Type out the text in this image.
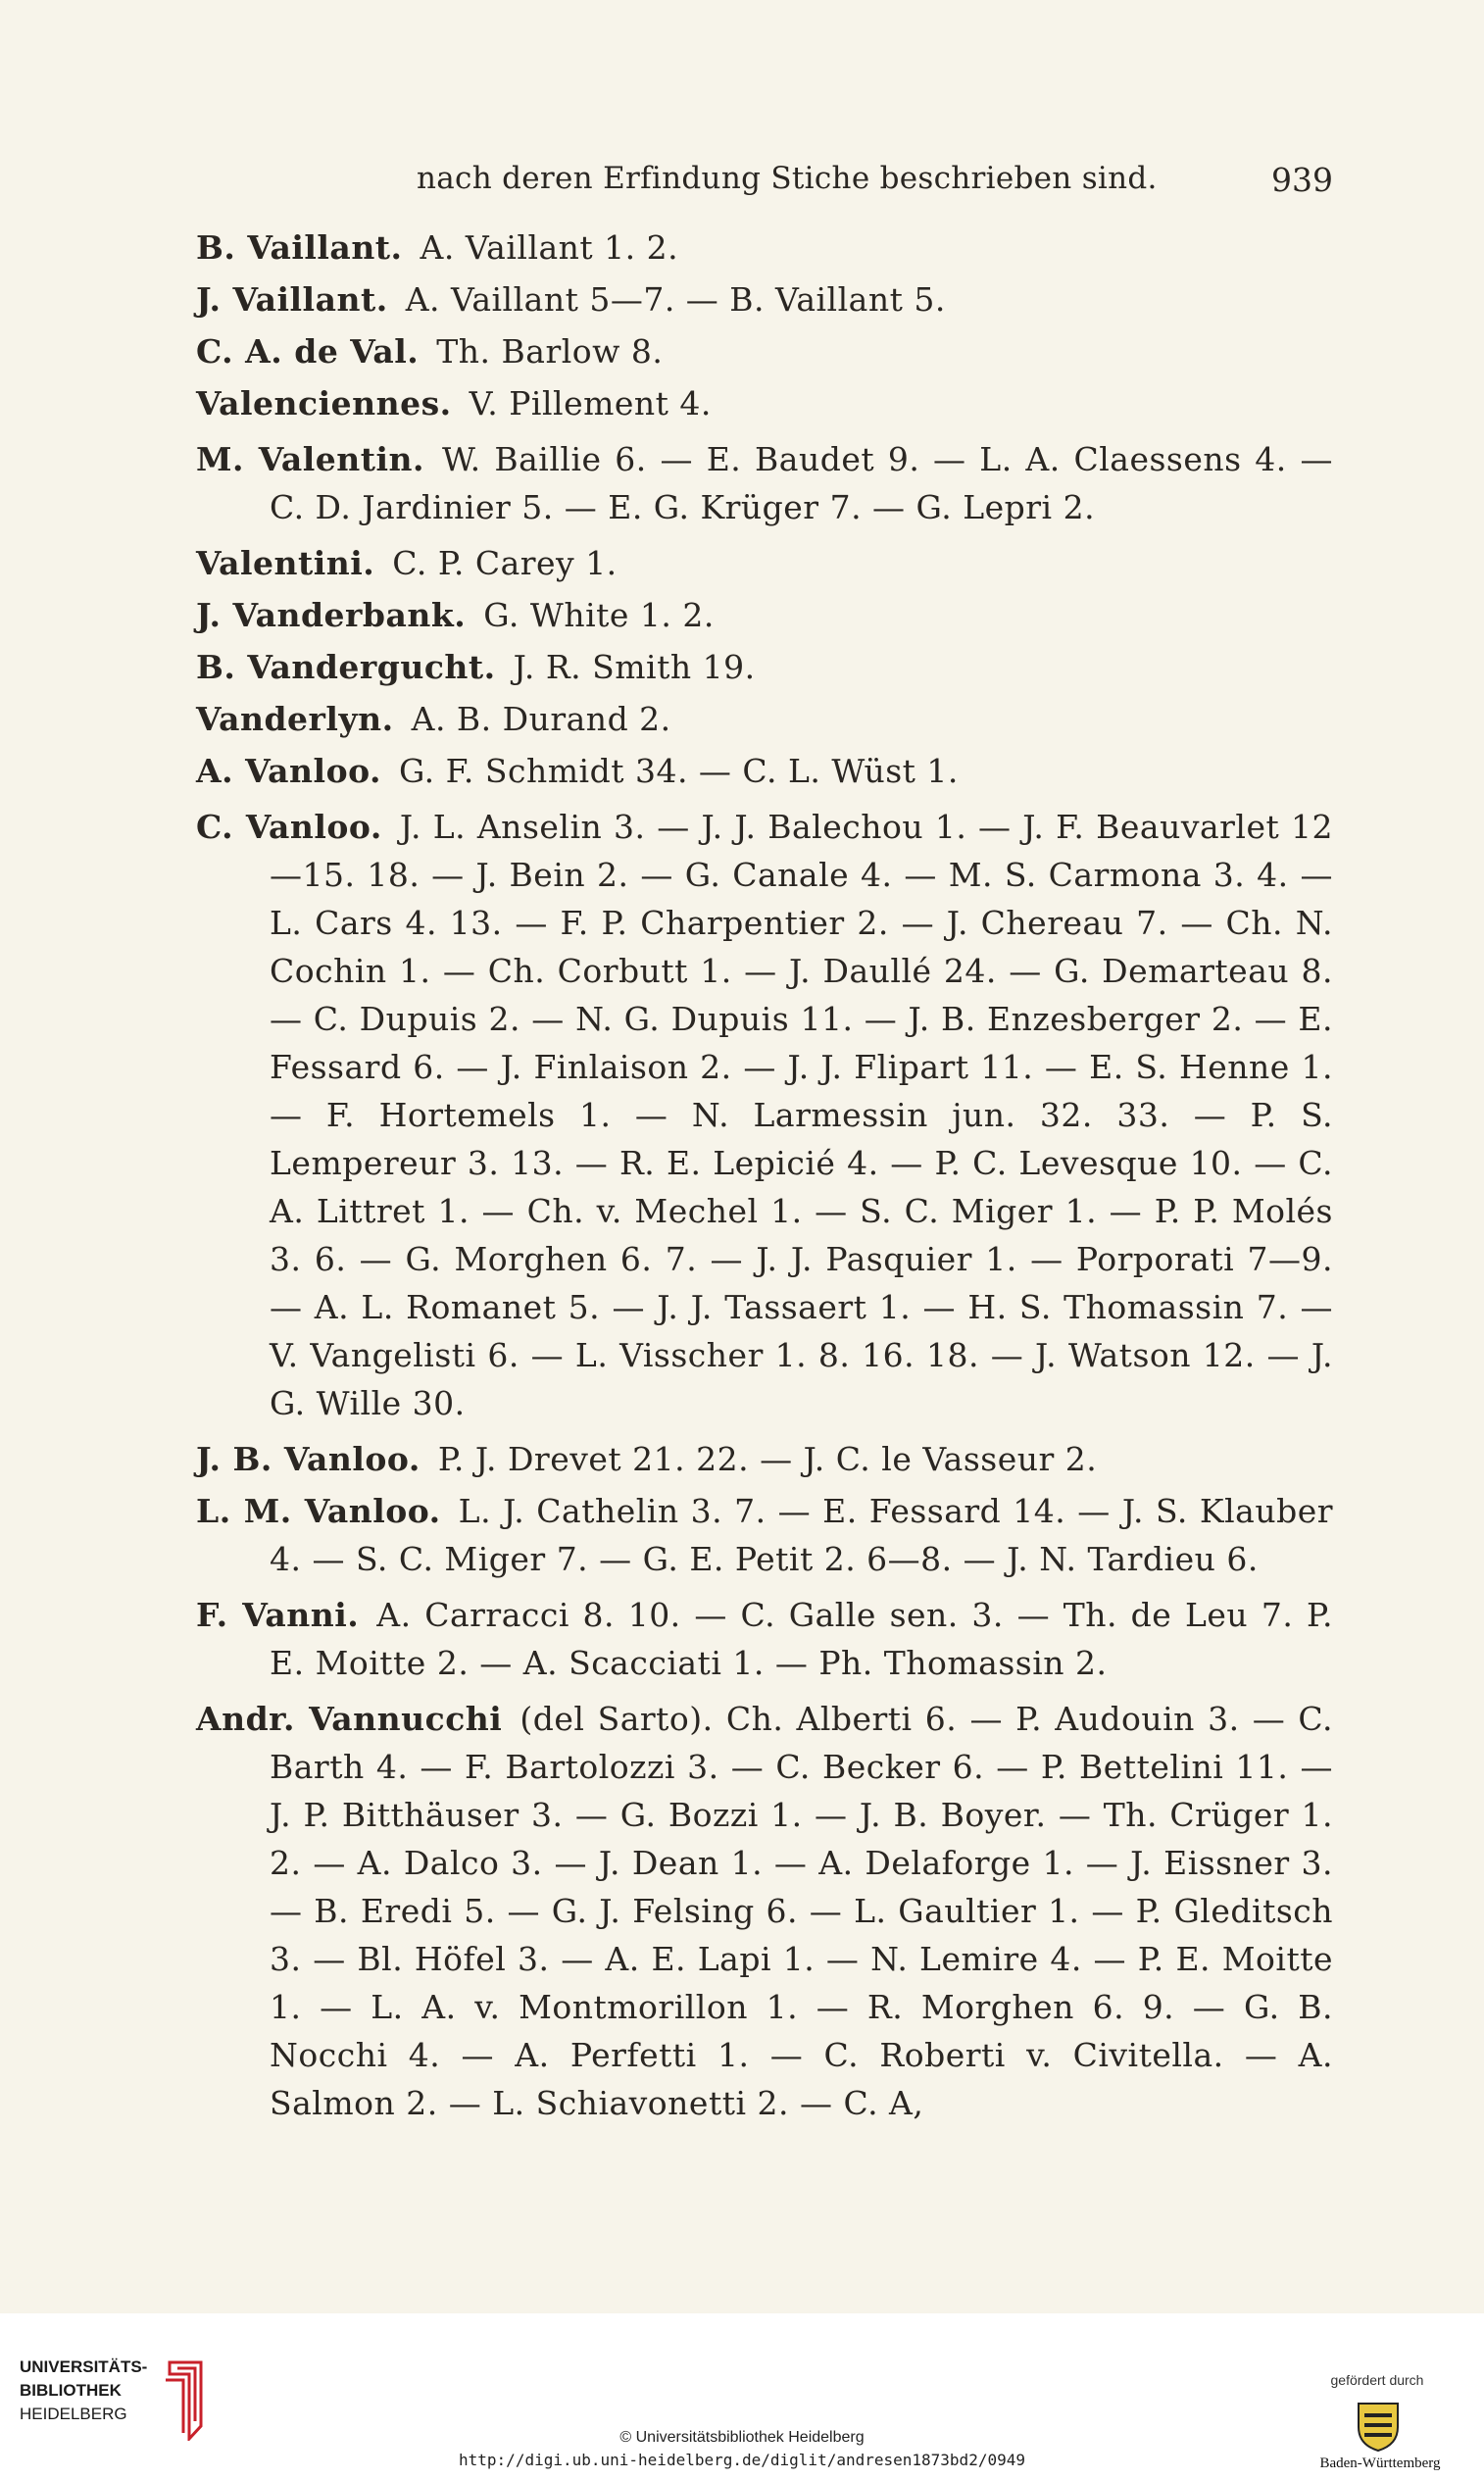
nach deren Erfindung Stiche beschrieben sind.	939

B. Vaillant. A. Vaillant 1. 2.

J. Vaillant. A. Vaillant 5—7. — B. Vaillant 5.

C. A. de Val. Th. Barlow 8.

Valenciennes. V. Pillement 4.

M. Valentin. W. Baillie 6. — E. Baudet 9. — L. A. Claessens 4. — C. D. Jardinier 5. — E. G. Krüger 7. — G. Lepri 2.

Valentini. C. P. Carey 1.

J. Vanderbank. G. White 1. 2.

B. Vandergucht. J. R. Smith 19.

Vanderlyn. A. B. Durand 2.

A. Vanloo. G. F. Schmidt 34. — C. L. Wüst 1.

C. Vanloo. J. L. Anselin 3. — J. J. Balechou 1. — J. F. Beauvarlet 12—15. 18. — J. Bein 2. — G. Canale 4. — M. S. Carmona 3. 4. — L. Cars 4. 13. — F. P. Charpentier 2. — J. Chereau 7. — Ch. N. Cochin 1. — Ch. Corbutt 1. — J. Daullé 24. — G. Demarteau 8. — C. Dupuis 2. — N. G. Dupuis 11. — J. B. Enzesberger 2. — E. Fessard 6. — J. Finlaison 2. — J. J. Flipart 11. — E. S. Henne 1. — F. Hortemels 1. — N. Larmessin jun. 32. 33. — P. S. Lempereur 3. 13. — R. E. Lepicié 4. — P. C. Levesque 10. — C. A. Littret 1. — Ch. v. Mechel 1. — S. C. Miger 1. — P. P. Molés 3. 6. — G. Morghen 6. 7. — J. J. Pasquier 1. — Porporati 7—9. — A. L. Romanet 5. — J. J. Tassaert 1. — H. S. Thomassin 7. — V. Vangelisti 6. — L. Visscher 1. 8. 16. 18. — J. Watson 12. — J. G. Wille 30.

J. B. Vanloo. P. J. Drevet 21. 22. — J. C. le Vasseur 2.

L. M. Vanloo. L. J. Cathelin 3. 7. — E. Fessard 14. — J. S. Klauber 4. — S. C. Miger 7. — G. E. Petit 2. 6—8. — J. N. Tardieu 6.

F. Vanni. A. Carracci 8. 10. — C. Galle sen. 3. — Th. de Leu 7. P. E. Moitte 2. — A. Scacciati 1. — Ph. Thomassin 2.

Andr. Vannucchi (del Sarto). Ch. Alberti 6. — P. Audouin 3. — C. Barth 4. — F. Bartolozzi 3. — C. Becker 6. — P. Bettelini 11. — J. P. Bitthäuser 3. — G. Bozzi 1. — J. B. Boyer. — Th. Crüger 1. 2. — A. Dalco 3. — J. Dean 1. — A. Delaforge 1. — J. Eissner 3. — B. Eredi 5. — G. J. Felsing 6. — L. Gaultier 1. — P. Gleditsch 3. — Bl. Höfel 3. — A. E. Lapi 1. — N. Lemire 4. — P. E. Moitte 1. — L. A. v. Montmorillon 1. — R. Morghen 6. 9. — G. B. Nocchi 4. — A. Perfetti 1. — C. Roberti v. Civitella. — A. Salmon 2. — L. Schiavonetti 2. — C. A,

UNIVERSITÄTS-
BIBLIOTHEK
HEIDELBERG
© Universitätsbibliothek Heidelberg
http://digi.ub.uni-heidelberg.de/diglit/andresen1873bd2/0949
gefördert durch
Baden-Württemberg
